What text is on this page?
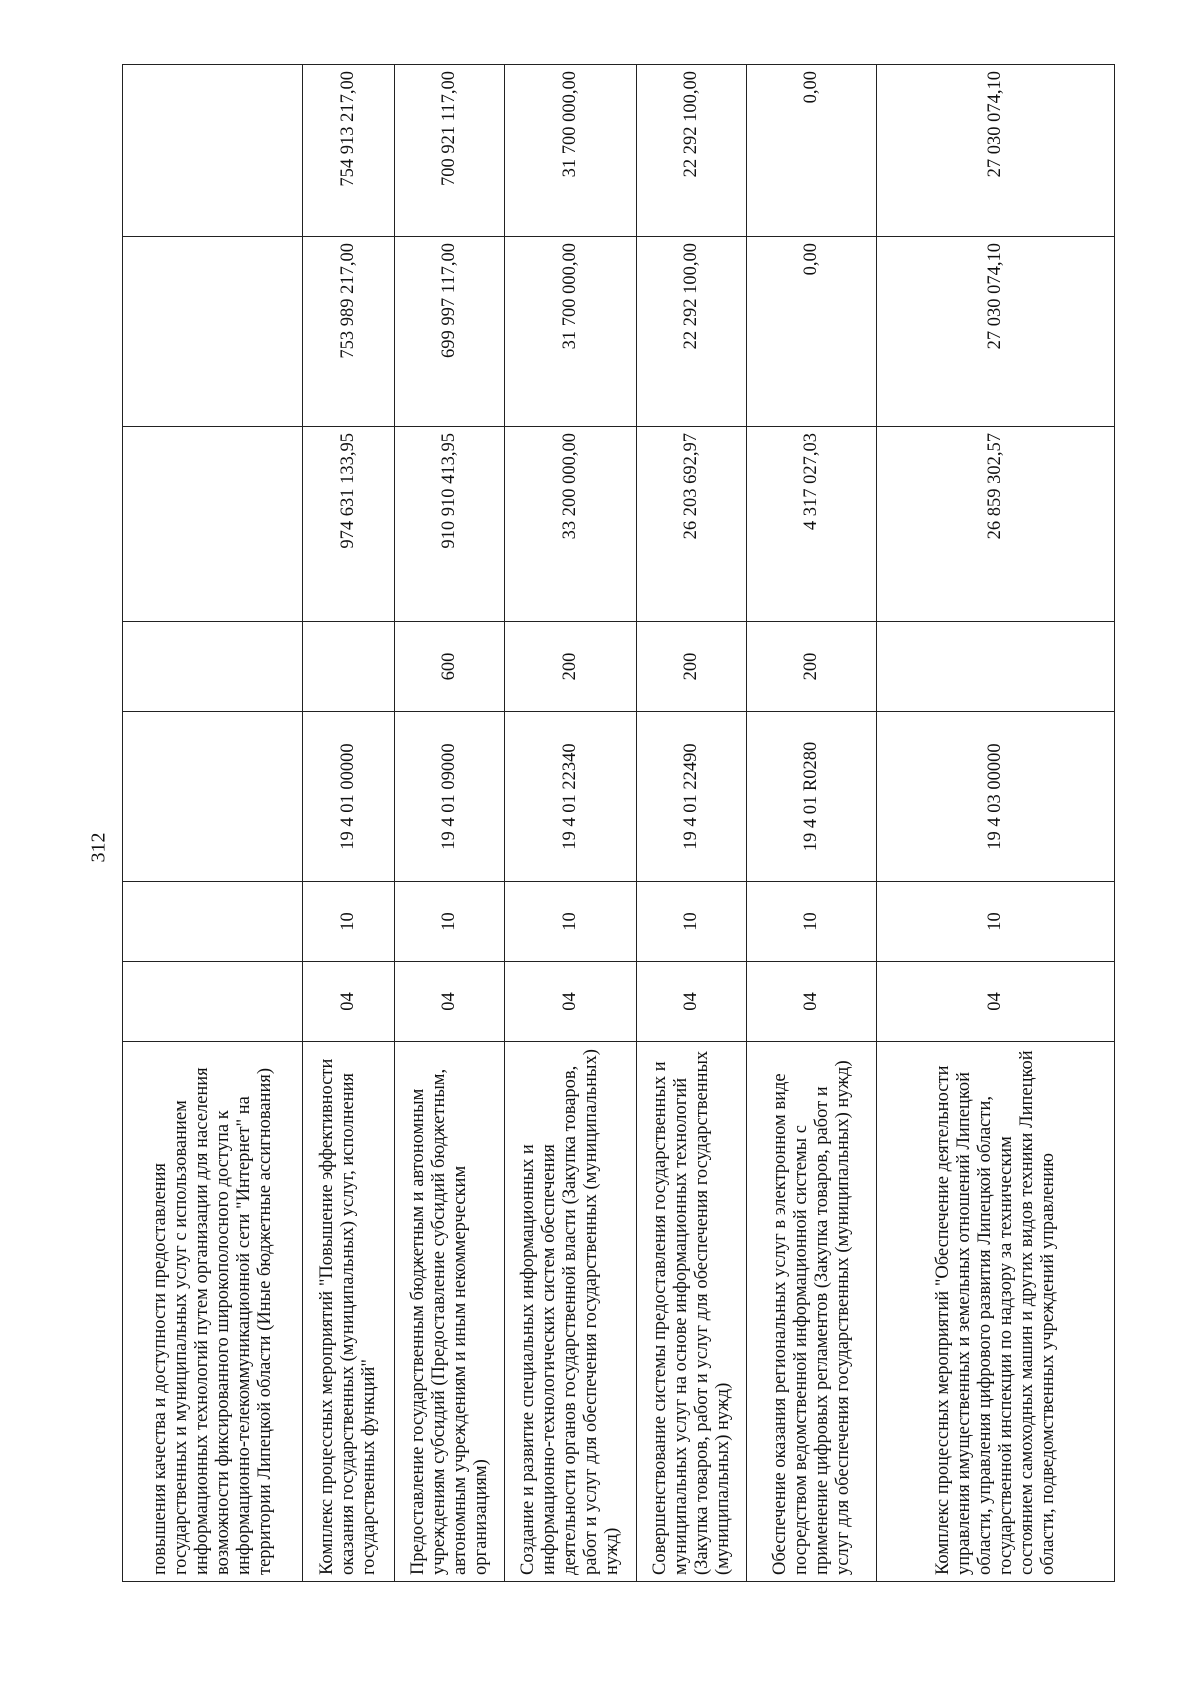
312
повышения качества и доступности предоставления государственных и муниципальных услуг с использованием информационных технологий путем организации для населения возможности фиксированного широкополосного доступа к информационно-телекоммуникационной сети "Интернет" на территории Липецкой области (Иные бюджетные ассигнования)							
Комплекс процессных мероприятий "Повышение эффективности оказания государственных (муниципальных) услуг, исполнения государственных функций"	04	10	19 4 01 00000		974 631 133,95	753 989 217,00	754 913 217,00
Предоставление государственным бюджетным и автономным учреждениям субсидий (Предоставление субсидий бюджетным, автономным учреждениям и иным некоммерческим организациям)	04	10	19 4 01 09000	600	910 910 413,95	699 997 117,00	700 921 117,00
Создание и развитие специальных информационных и информационно-технологических систем обеспечения деятельности органов государственной власти (Закупка товаров, работ и услуг для обеспечения государственных (муниципальных) нужд)	04	10	19 4 01 22340	200	33 200 000,00	31 700 000,00	31 700 000,00
Совершенствование системы предоставления государственных и муниципальных услуг на основе информационных технологий (Закупка товаров, работ и услуг для обеспечения государственных (муниципальных) нужд)	04	10	19 4 01 22490	200	26 203 692,97	22 292 100,00	22 292 100,00
Обеспечение оказания региональных услуг в электронном виде посредством ведомственной информационной системы с применение цифровых регламентов (Закупка товаров, работ и услуг для обеспечения государственных (муниципальных) нужд)	04	10	19 4 01 R0280	200	4 317 027,03	0,00	0,00
Комплекс процессных мероприятий "Обеспечение деятельности управления имущественных и земельных отношений Липецкой области, управления цифрового развития Липецкой области, государственной инспекции по надзору за техническим состоянием самоходных машин и других видов техники Липецкой области, подведомственных учреждений управлению	04	10	19 4 03 00000		26 859 302,57	27 030 074,10	27 030 074,10
